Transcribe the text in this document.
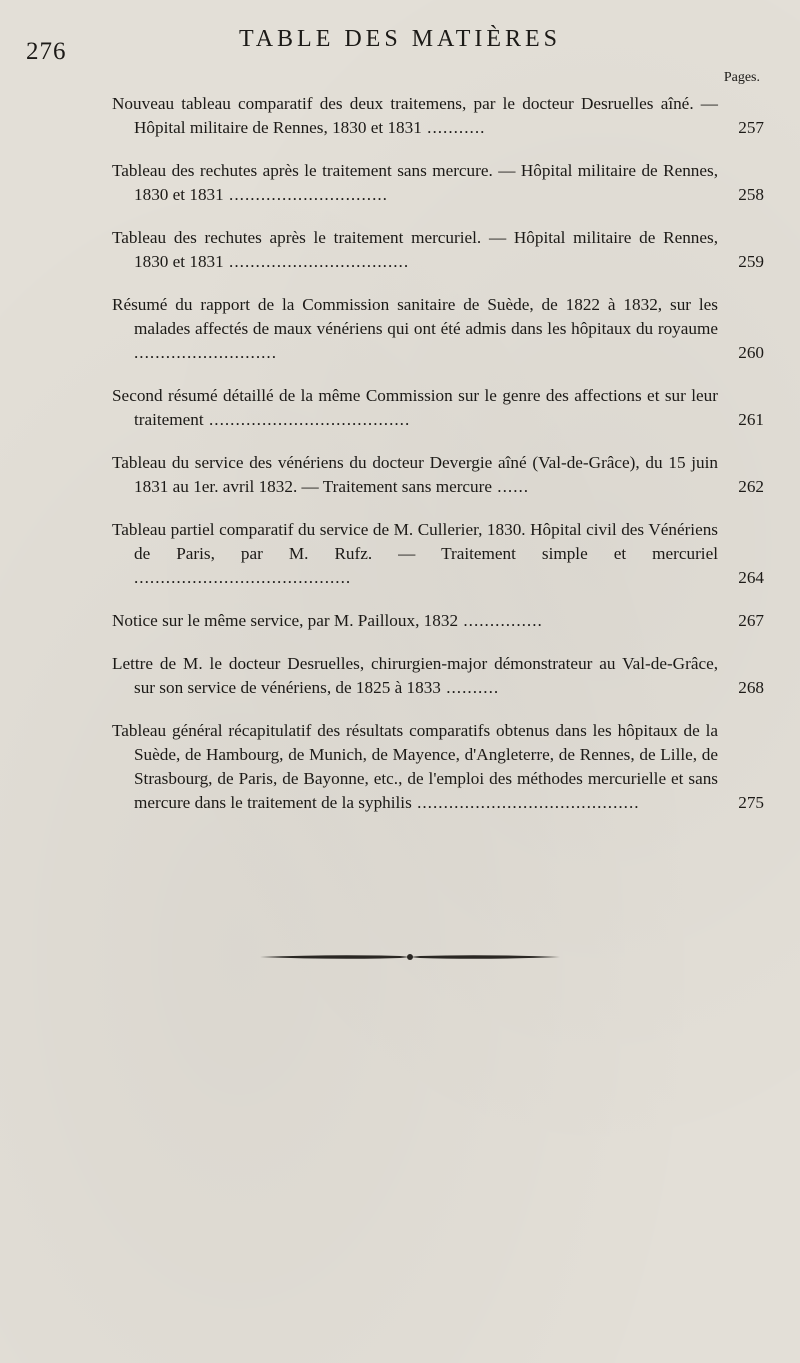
276	TABLE DES MATIÈRES
Pages.
Nouveau tableau comparatif des deux traitemens, par le docteur Desruelles aîné. — Hôpital militaire de Rennes, 1830 et 1831 ...........	257
Tableau des rechutes après le traitement sans mercure. — Hôpital militaire de Rennes, 1830 et 1831 ..............................	258
Tableau des rechutes après le traitement mercuriel. — Hôpital militaire de Rennes, 1830 et 1831 ..................................	259
Résumé du rapport de la Commission sanitaire de Suède, de 1822 à 1832, sur les malades affectés de maux vénériens qui ont été admis dans les hôpitaux du royaume ...........................	260
Second résumé détaillé de la même Commission sur le genre des affections et sur leur traitement ......................................	261
Tableau du service des vénériens du docteur Devergie aîné (Val-de-Grâce), du 15 juin 1831 au 1er. avril 1832. — Traitement sans mercure ......	262
Tableau partiel comparatif du service de M. Cullerier, 1830. Hôpital civil des Vénériens de Paris, par M. Rufz. — Traitement simple et mercuriel .........................................	264
Notice sur le même service, par M. Pailloux, 1832 ...............	267
Lettre de M. le docteur Desruelles, chirurgien-major démonstrateur au Val-de-Grâce, sur son service de vénériens, de 1825 à 1833 ..........	268
Tableau général récapitulatif des résultats comparatifs obtenus dans les hôpitaux de la Suède, de Hambourg, de Munich, de Mayence, d'Angleterre, de Rennes, de Lille, de Strasbourg, de Paris, de Bayonne, etc., de l'emploi des méthodes mercurielle et sans mercure dans le traitement de la syphilis ..........................................	275
